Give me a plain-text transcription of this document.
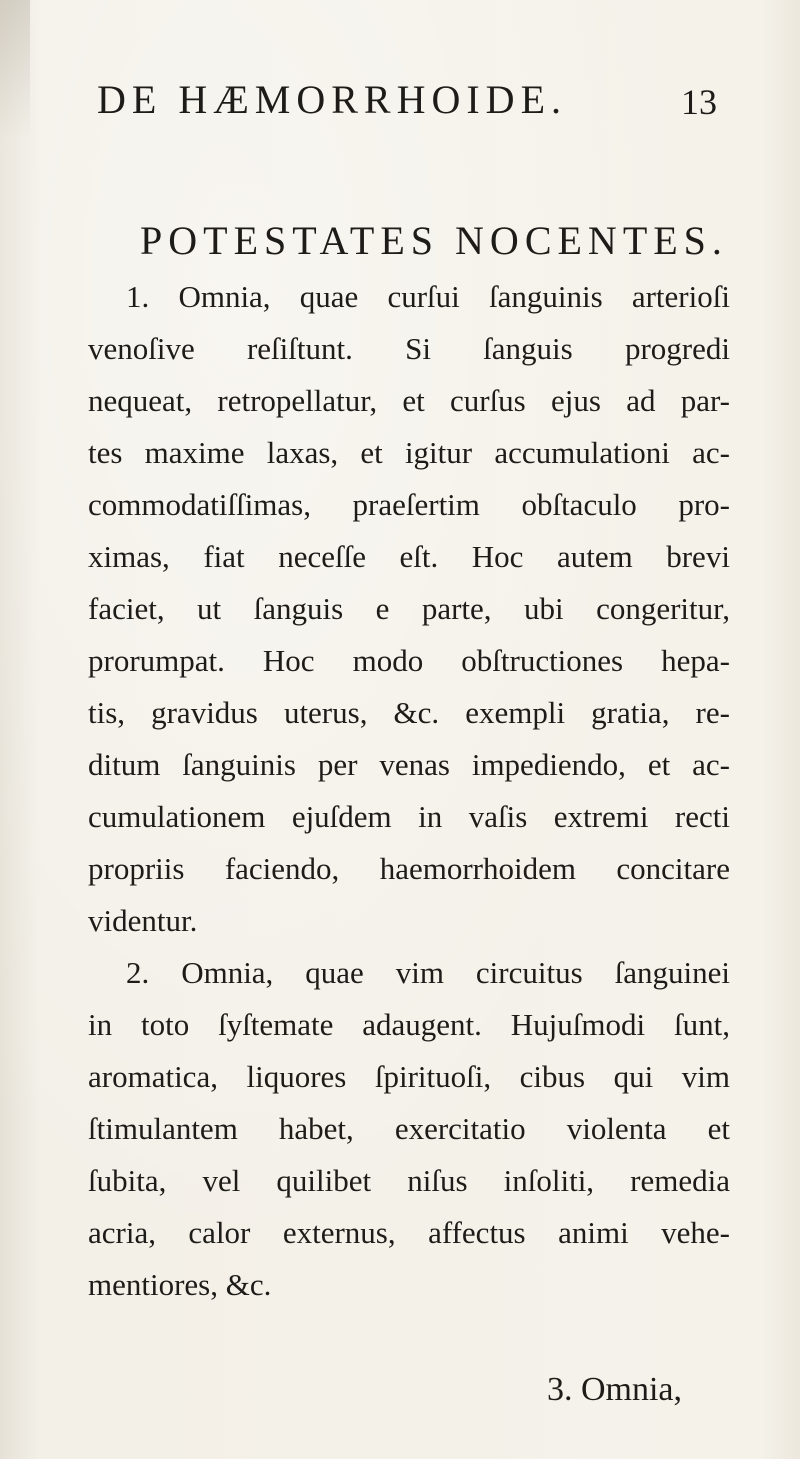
DE HÆMORRHOIDE.	13
POTESTATES NOCENTES.
1. Omnia, quae curſui ſanguinis arterioſi
venoſive reſiſtunt. Si ſanguis progredi
nequeat, retropellatur, et curſus ejus ad par-
tes maxime laxas, et igitur accumulationi ac-
commodatiſſimas, praeſertim obſtaculo pro-
ximas, fiat neceſſe eſt. Hoc autem brevi
faciet, ut ſanguis e parte, ubi congeritur,
prorumpat. Hoc modo obſtructiones hepa-
tis, gravidus uterus, &c. exempli gratia, re-
ditum ſanguinis per venas impediendo, et ac-
cumulationem ejuſdem in vaſis extremi recti
propriis faciendo, haemorrhoidem concitare
videntur.
2. Omnia, quae vim circuitus ſanguinei
in toto ſyſtemate adaugent. Hujuſmodi ſunt,
aromatica, liquores ſpirituoſi, cibus qui vim
ſtimulantem habet, exercitatio violenta et
ſubita, vel quilibet niſus inſoliti, remedia
acria, calor externus, affectus animi vehe-
mentiores, &c.
3. Omnia,
